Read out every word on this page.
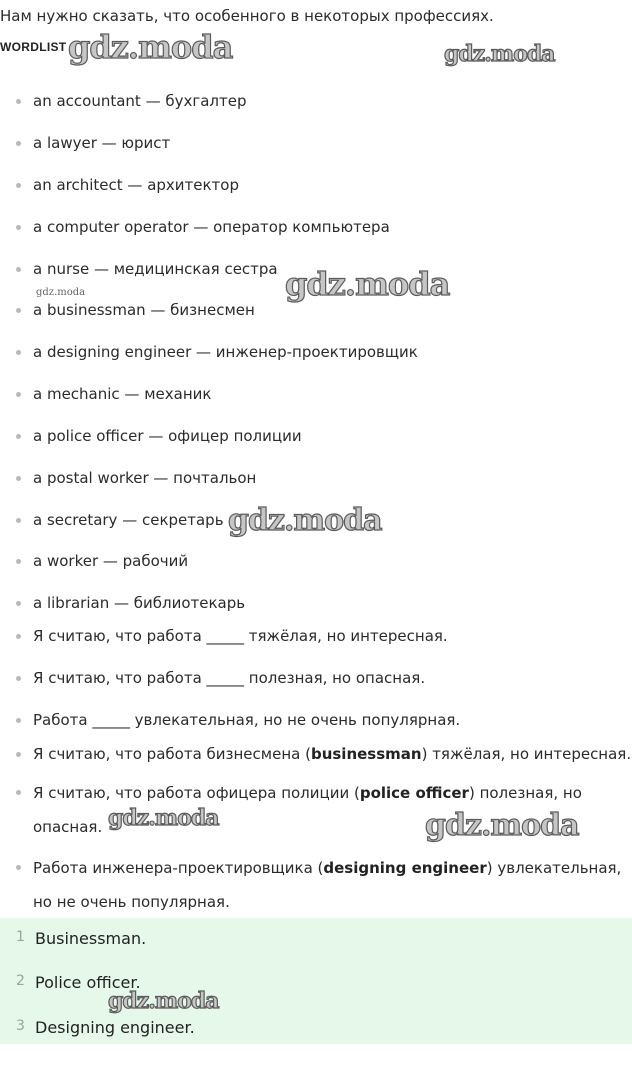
Нам нужно сказать, что особенного в некоторых профессиях.
WORDLIST
an accountant — бухгалтер
a lawyer — юрист
an architect — архитектор
a computer operator — оператор компьютера
a nurse — медицинская сестра
a businessman — бизнесмен
a designing engineer — инженер-проектировщик
a mechanic — механик
a police officer — офицер полиции
a postal worker — почтальон
a secretary — секретарь
a worker — рабочий
a librarian — библиотекарь
Я считаю, что работа _____ тяжёлая, но интересная.
Я считаю, что работа _____ полезная, но опасная.
Работа _____ увлекательная, но не очень популярная.
Я считаю, что работа бизнесмена (businessman) тяжёлая, но интересная.
Я считаю, что работа офицера полиции (police officer) полезная, но опасная.
Работа инженера-проектировщика (designing engineer) увлекательная, но не очень популярная.
1 Businessman.
2 Police officer.
3 Designing engineer.
gdz.moda	gdz.moda
gdz.moda
gdz.moda
gdz.moda
gdz.moda	gdz.moda
gdz.moda
